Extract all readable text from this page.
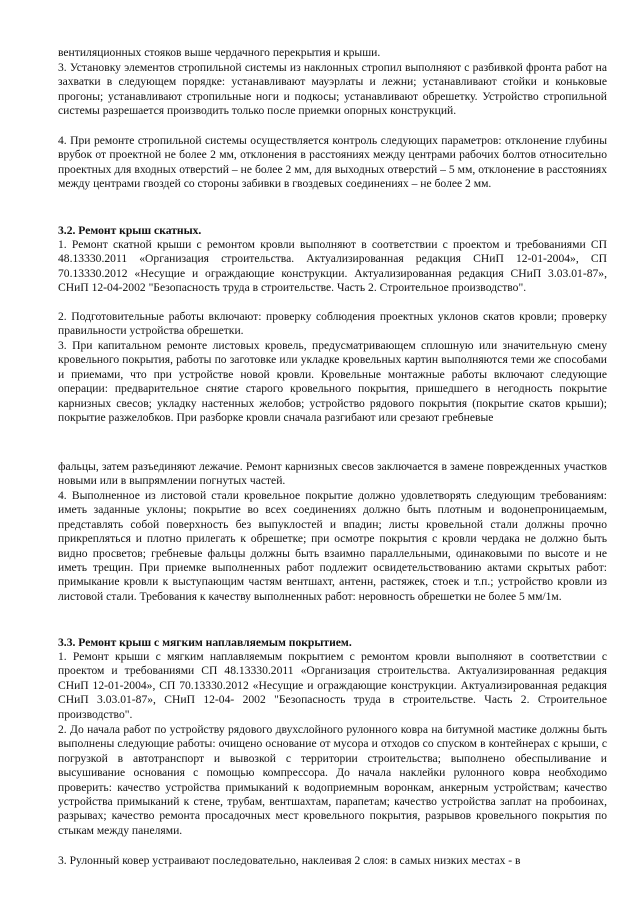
вентиляционных стояков выше чердачного перекрытия и крыши.

3. Установку элементов стропильной системы из наклонных стропил выполняют с разбивкой фронта работ на захватки в следующем порядке: устанавливают мауэрлаты и лежни; устанавливают стойки и коньковые прогоны; устанавливают стропильные ноги и подкосы; устанавливают обрешетку. Устройство стропильной системы разрешается производить только после приемки опорных конструкций.

4. При ремонте стропильной системы осуществляется контроль следующих параметров: отклонение глубины врубок от проектной не более 2 мм, отклонения в расстояниях между центрами рабочих болтов относительно проектных для входных отверстий – не более 2 мм, для выходных отверстий – 5 мм, отклонение в расстояниях между центрами гвоздей со стороны забивки в гвоздевых соединениях – не более 2 мм.

3.2. Ремонт крыш скатных.

1. Ремонт скатной крыши с ремонтом кровли выполняют в соответствии с проектом и требованиями СП 48.13330.2011 «Организация строительства. Актуализированная редакция СНиП 12-01-2004», СП 70.13330.2012 «Несущие и ограждающие конструкции. Актуализированная редакция СНиП 3.03.01-87», СНиП 12-04-2002 "Безопасность труда в строительстве. Часть 2. Строительное производство".

2. Подготовительные работы включают: проверку соблюдения проектных уклонов скатов кровли; проверку правильности устройства обрешетки.

3. При капитальном ремонте листовых кровель, предусматривающем сплошную или значительную смену кровельного покрытия, работы по заготовке или укладке кровельных картин выполняются теми же способами и приемами, что при устройстве новой кровли. Кровельные монтажные работы включают следующие операции: предварительное снятие старого кровельного покрытия, пришедшего в негодность покрытие карнизных свесов; укладку настенных желобов; устройство рядового покрытия (покрытие скатов крыши); покрытие разжелобков. При разборке кровли сначала разгибают или срезают гребневые

фальцы, затем разъединяют лежачие. Ремонт карнизных свесов заключается в замене поврежденных участков новыми или в выпрямлении погнутых частей.

4. Выполненное из листовой стали кровельное покрытие должно удовлетворять следующим требованиям: иметь заданные уклоны; покрытие во всех соединениях должно быть плотным и водонепроницаемым, представлять собой поверхность без выпуклостей и впадин; листы кровельной стали должны прочно прикрепляться и плотно прилегать к обрешетке; при осмотре покрытия с кровли чердака не должно быть видно просветов; гребневые фальцы должны быть взаимно параллельными, одинаковыми по высоте и не иметь трещин. При приемке выполненных работ подлежит освидетельствованию актами скрытых работ: примыкание кровли к выступающим частям вентшахт, антенн, растяжек, стоек и т.п.; устройство кровли из листовой стали. Требования к качеству выполненных работ: неровность обрешетки не более 5 мм/1м.

3.3. Ремонт крыш с мягким наплавляемым покрытием.

1. Ремонт крыши с мягким наплавляемым покрытием с ремонтом кровли выполняют в соответствии с проектом и требованиями СП 48.13330.2011 «Организация строительства. Актуализированная редакция СНиП 12-01-2004», СП 70.13330.2012 «Несущие и ограждающие конструкции. Актуализированная редакция СНиП 3.03.01-87», СНиП 12-04- 2002 "Безопасность труда в строительстве. Часть 2. Строительное производство".

2. До начала работ по устройству рядового двухслойного рулонного ковра на битумной мастике должны быть выполнены следующие работы: очищено основание от мусора и отходов со спуском в контейнерах с крыши, с погрузкой в автотранспорт и вывозкой с территории строительства; выполнено обеспыливание и высушивание основания с помощью компрессора. До начала наклейки рулонного ковра необходимо проверить: качество устройства примыканий к водоприемным воронкам, анкерным устройствам; качество устройства примыканий к стене, трубам, вентшахтам, парапетам; качество устройства заплат на пробоинах, разрывах; качество ремонта просадочных мест кровельного покрытия, разрывов кровельного покрытия по стыкам между панелями.

3. Рулонный ковер устраивают последовательно, наклеивая 2 слоя: в самых низких местах - в
